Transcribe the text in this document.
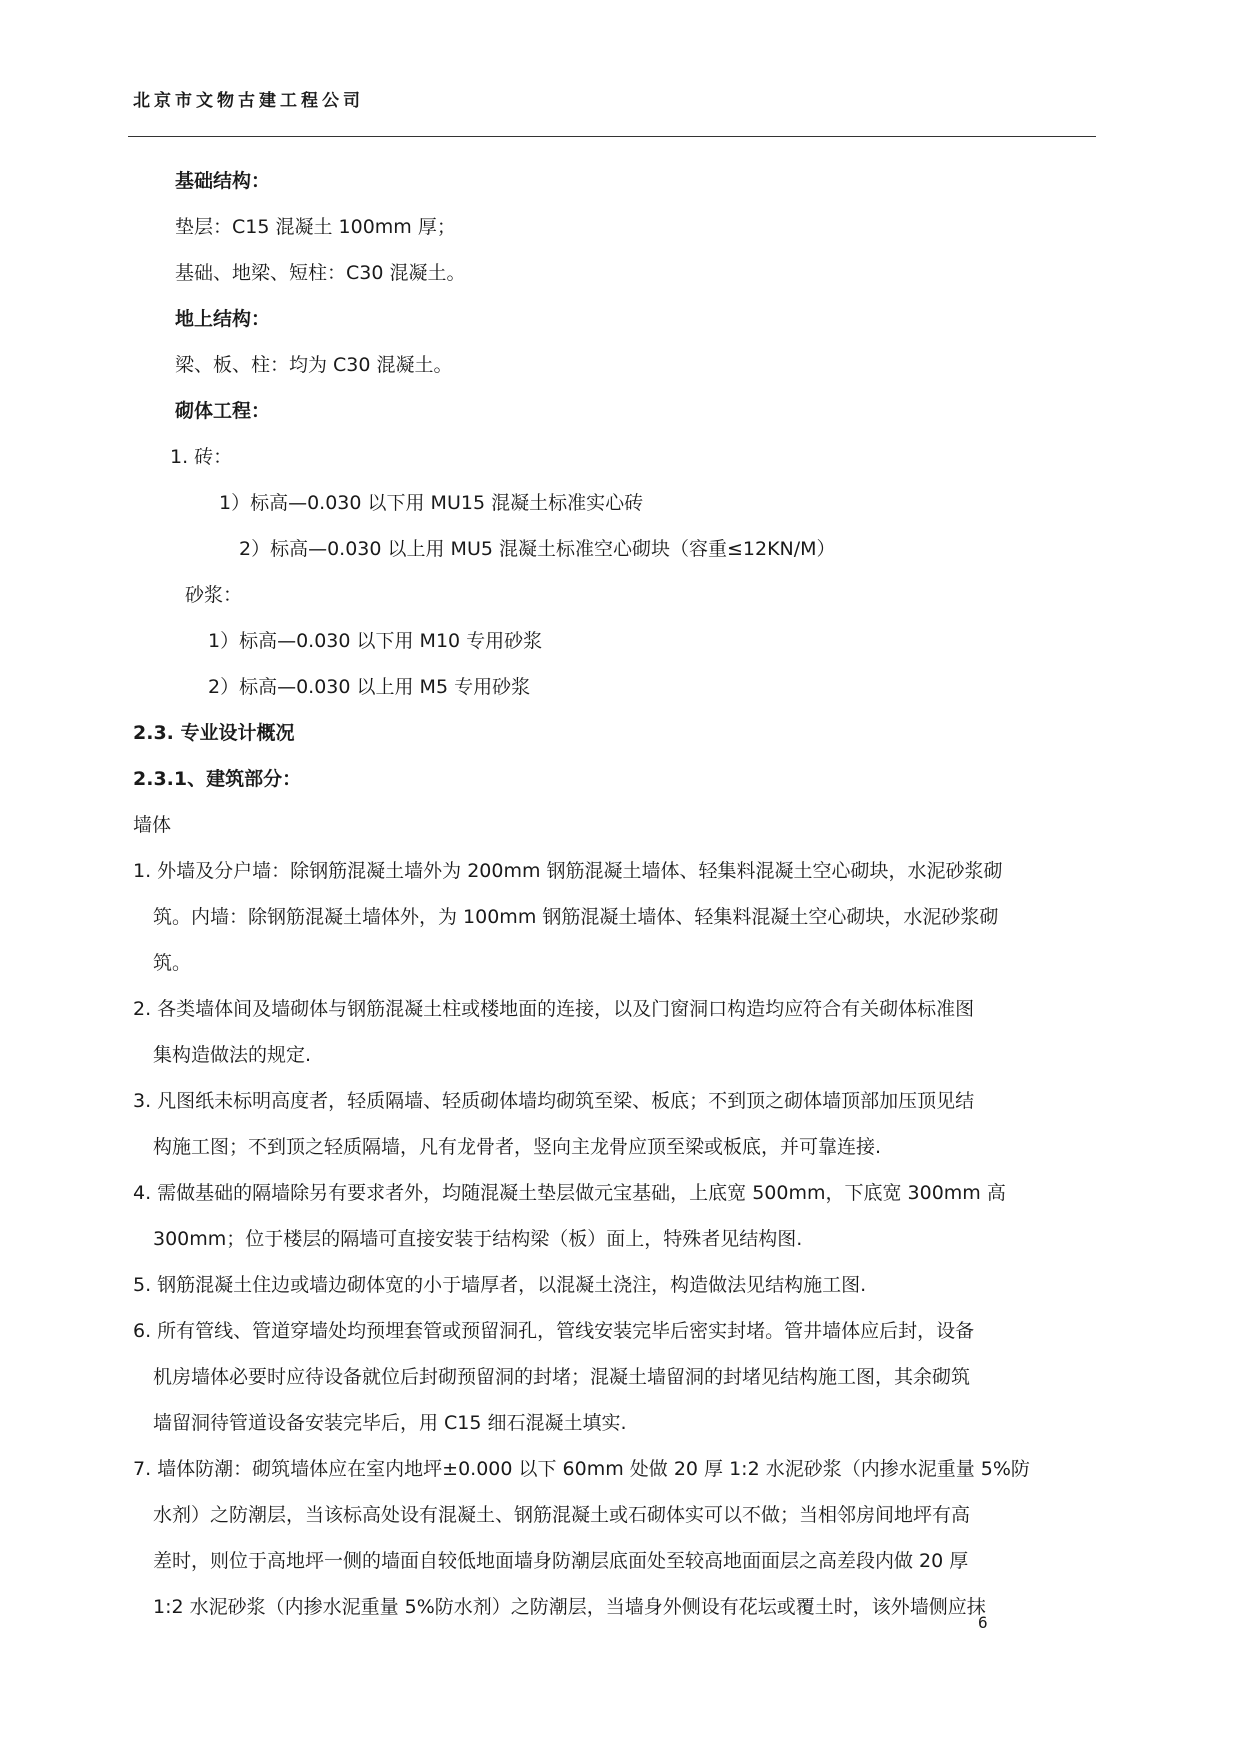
北京市文物古建工程公司
基础结构：
垫层：C15 混凝土 100mm 厚；
基础、地梁、短柱：C30 混凝土。
地上结构：
梁、板、柱：均为 C30 混凝土。
砌体工程：
1. 砖：
1）标高—0.030 以下用 MU15 混凝土标准实心砖
2）标高—0.030 以上用 MU5 混凝土标准空心砌块（容重≤12KN/M）
砂浆：
1）标高—0.030 以下用 M10 专用砂浆
2）标高—0.030 以上用 M5 专用砂浆
2.3. 专业设计概况
2.3.1、建筑部分：
墙体
1. 外墙及分户墙：除钢筋混凝土墙外为 200mm 钢筋混凝土墙体、轻集料混凝土空心砌块，水泥砂浆砌
筑。内墙：除钢筋混凝土墙体外，为 100mm 钢筋混凝土墙体、轻集料混凝土空心砌块，水泥砂浆砌
筑。
2. 各类墙体间及墙砌体与钢筋混凝土柱或楼地面的连接，以及门窗洞口构造均应符合有关砌体标准图
集构造做法的规定.
3. 凡图纸未标明高度者，轻质隔墙、轻质砌体墙均砌筑至梁、板底；不到顶之砌体墙顶部加压顶见结
构施工图；不到顶之轻质隔墙，凡有龙骨者，竖向主龙骨应顶至梁或板底，并可靠连接.
4. 需做基础的隔墙除另有要求者外，均随混凝土垫层做元宝基础，上底宽 500mm，下底宽 300mm 高
300mm；位于楼层的隔墙可直接安装于结构梁（板）面上，特殊者见结构图.
5. 钢筋混凝土住边或墙边砌体宽的小于墙厚者，以混凝土浇注，构造做法见结构施工图.
6. 所有管线、管道穿墙处均预埋套管或预留洞孔，管线安装完毕后密实封堵。管井墙体应后封，设备
机房墙体必要时应待设备就位后封砌预留洞的封堵；混凝土墙留洞的封堵见结构施工图，其余砌筑
墙留洞待管道设备安装完毕后，用 C15 细石混凝土填实.
7. 墙体防潮：砌筑墙体应在室内地坪±0.000 以下 60mm 处做 20 厚 1:2 水泥砂浆（内掺水泥重量 5%防
水剂）之防潮层，当该标高处设有混凝土、钢筋混凝土或石砌体实可以不做；当相邻房间地坪有高
差时，则位于高地坪一侧的墙面自较低地面墙身防潮层底面处至较高地面面层之高差段内做 20 厚
1:2 水泥砂浆（内掺水泥重量 5%防水剂）之防潮层，当墙身外侧设有花坛或覆土时，该外墙侧应抹
6
